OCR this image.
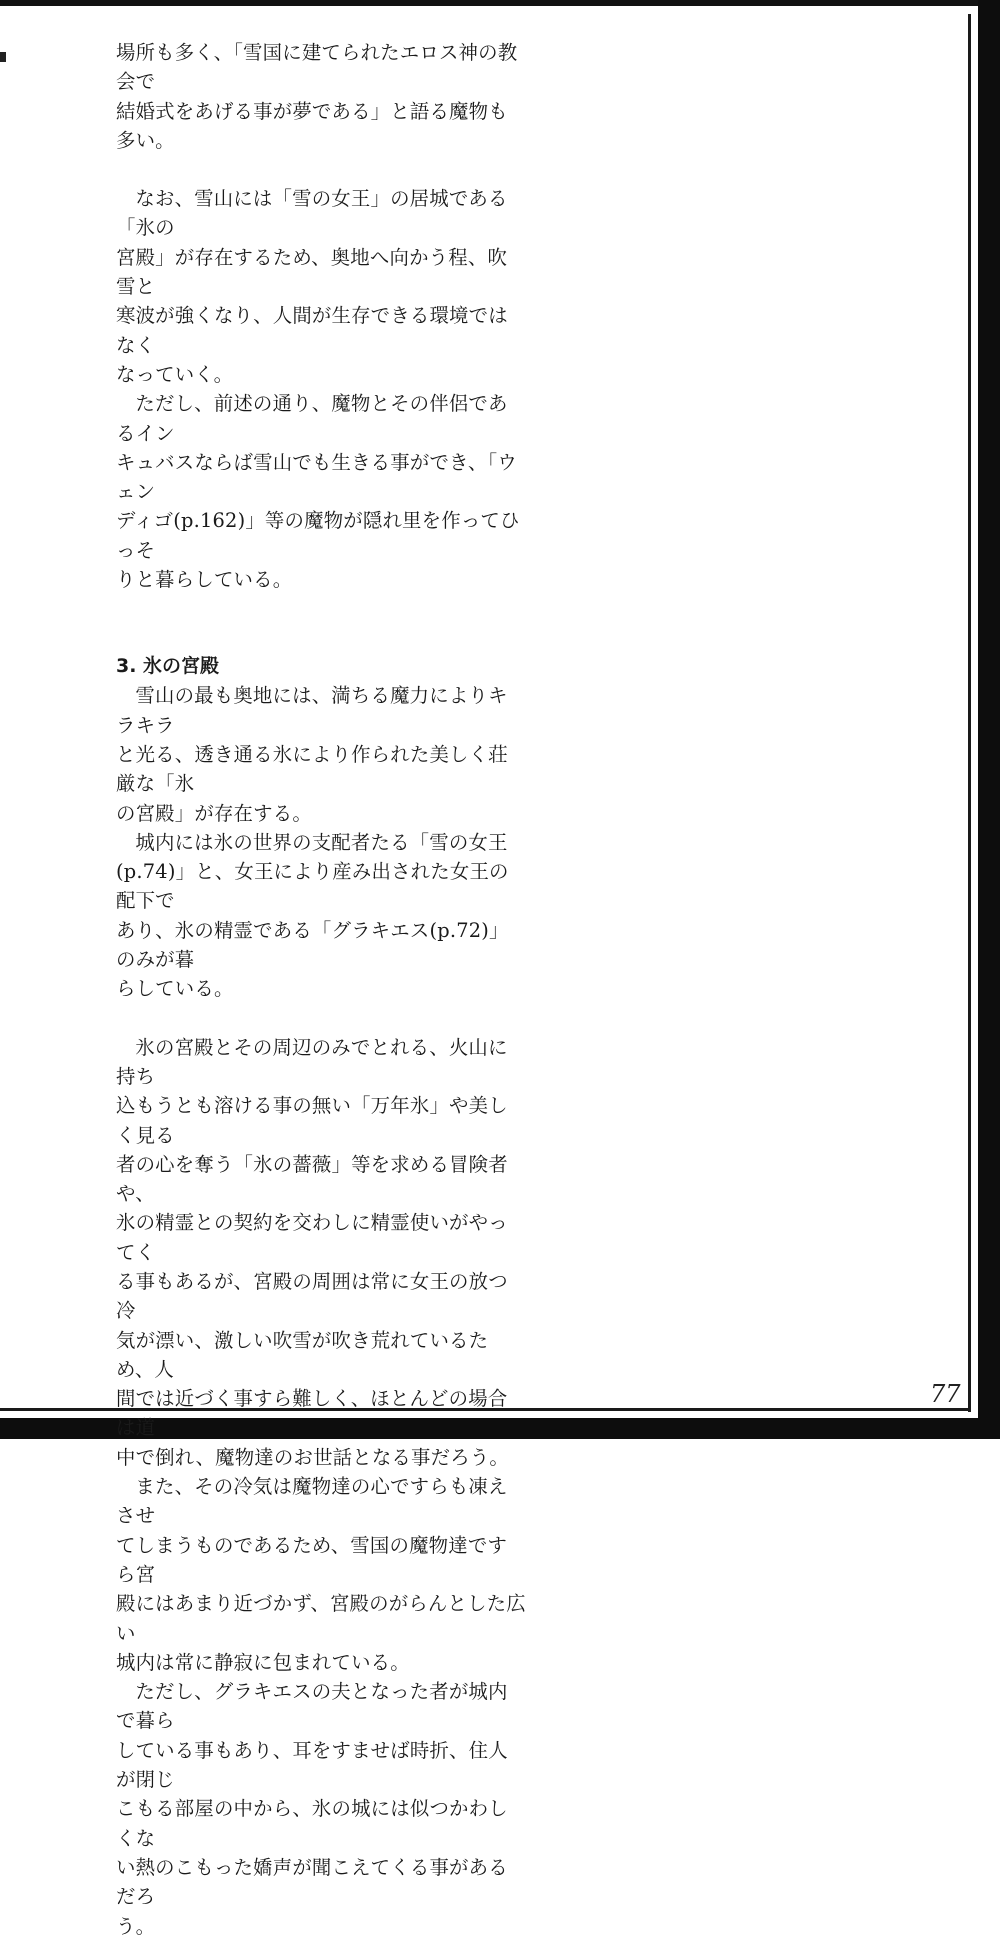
場所も多く、「雪国に建てられたエロス神の教会で
結婚式をあげる事が夢である」と語る魔物も多い。

なお、雪山には「雪の女王」の居城である「氷の
宮殿」が存在するため、奥地へ向かう程、吹雪と
寒波が強くなり、人間が生存できる環境ではなく
なっていく。

ただし、前述の通り、魔物とその伴侶であるイン
キュバスならば雪山でも生きる事ができ、「ウェン
ディゴ(p.162)」等の魔物が隠れ里を作ってひっそ
りと暮らしている。

3. 氷の宮殿

雪山の最も奥地には、満ちる魔力によりキラキラ
と光る、透き通る氷により作られた美しく荘厳な「氷
の宮殿」が存在する。

城内には氷の世界の支配者たる「雪の女王
(p.74)」と、女王により産み出された女王の配下で
あり、氷の精霊である「グラキエス(p.72)」のみが暮
らしている。

氷の宮殿とその周辺のみでとれる、火山に持ち
込もうとも溶ける事の無い「万年氷」や美しく見る
者の心を奪う「氷の薔薇」等を求める冒険者や、
氷の精霊との契約を交わしに精霊使いがやってく
る事もあるが、宮殿の周囲は常に女王の放つ冷
気が漂い、激しい吹雪が吹き荒れているため、人
間では近づく事すら難しく、ほとんどの場合は道
中で倒れ、魔物達のお世話となる事だろう。

また、その冷気は魔物達の心ですらも凍えさせ
てしまうものであるため、雪国の魔物達ですら宮
殿にはあまり近づかず、宮殿のがらんとした広い
城内は常に静寂に包まれている。

ただし、グラキエスの夫となった者が城内で暮ら
している事もあり、耳をすませば時折、住人が閉じ
こもる部屋の中から、氷の城には似つかわしくな
い熱のこもった嬌声が聞こえてくる事があるだろ
う。

77
